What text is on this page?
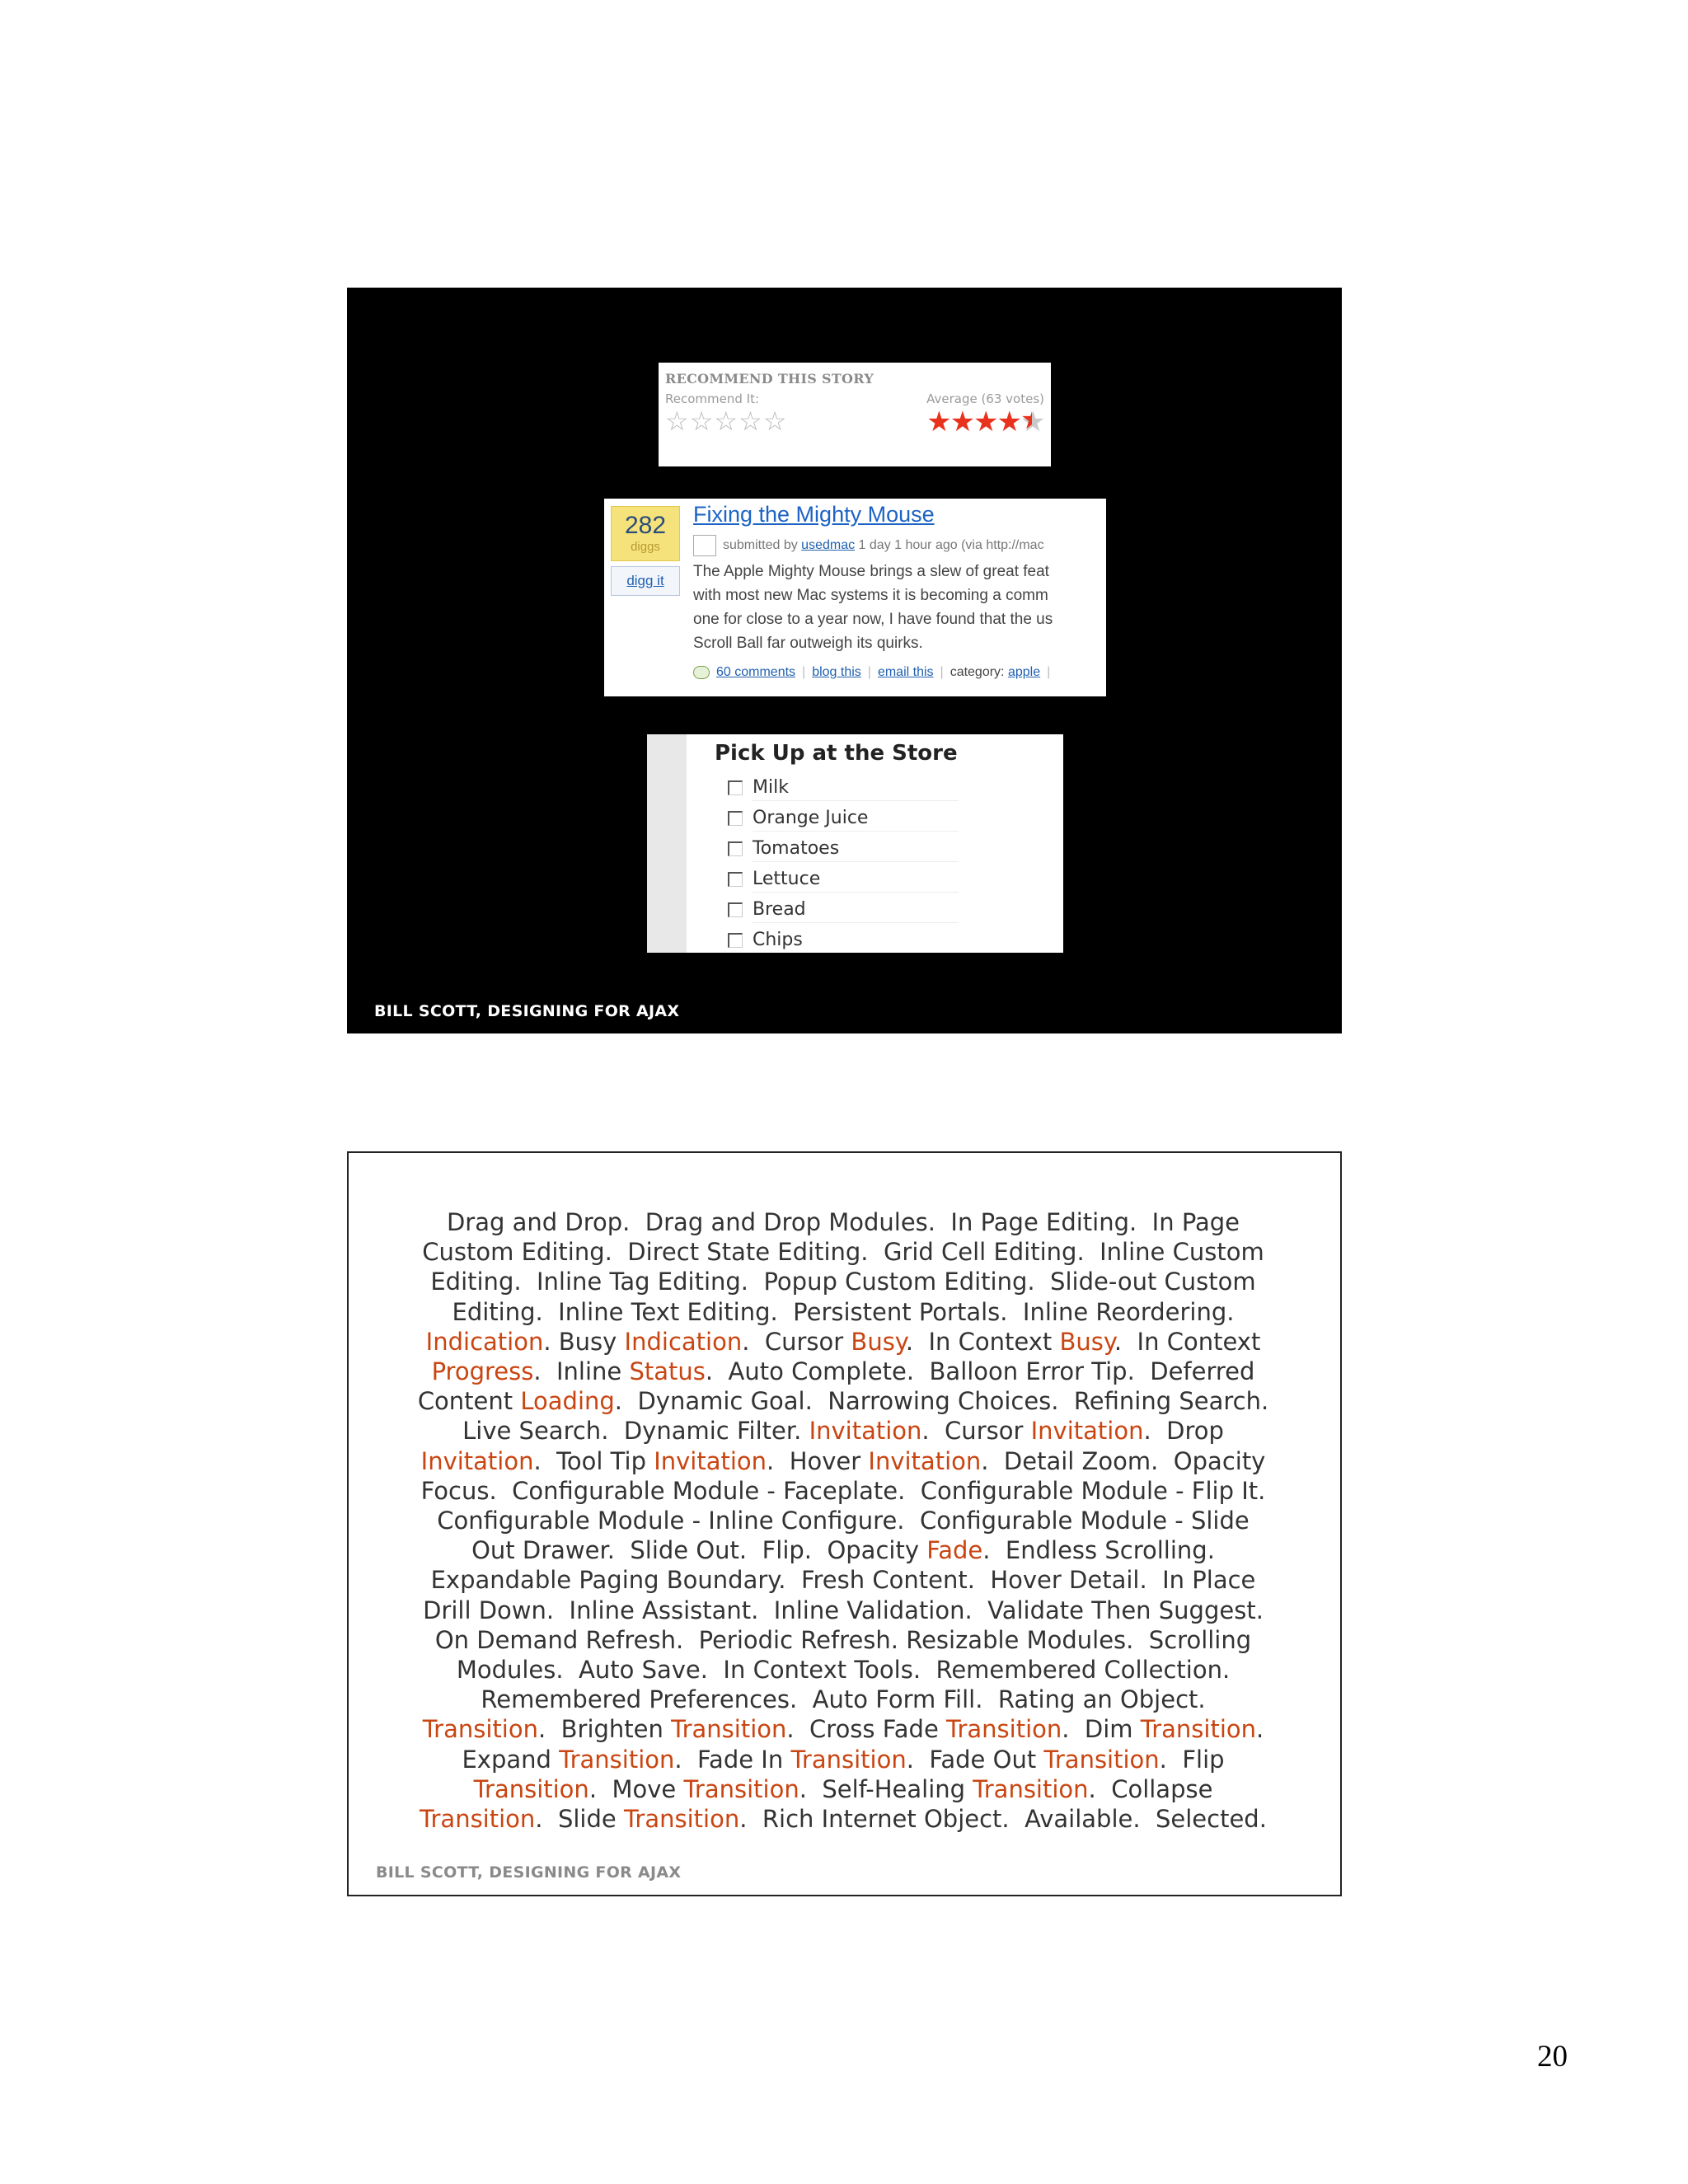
RECOMMEND THIS STORY
Recommend It:
☆☆☆☆☆
Average (63 votes)
★★★★★ ★
282
diggs
digg it
Fixing the Mighty Mouse
submitted by usedmac 1 day 1 hour ago (via http://mac
The Apple Mighty Mouse brings a slew of great feat
with most new Mac systems it is becoming a comm
one for close to a year now, I have found that the us
Scroll Ball far outweigh its quirks.
60 comments | blog this | email this | category: apple |
Pick Up at the Store
Milk
Orange Juice
Tomatoes
Lettuce
Bread
Chips
BILL SCOTT, DESIGNING FOR AJAX
Drag and Drop.  Drag and Drop Modules.  In Page Editing.  In Page
Custom Editing.  Direct State Editing.  Grid Cell Editing.  Inline Custom
Editing.  Inline Tag Editing.  Popup Custom Editing.  Slide-out Custom
Editing.  Inline Text Editing.  Persistent Portals.  Inline Reordering.
Indication. Busy Indication.  Cursor Busy.  In Context Busy.  In Context
Progress.  Inline Status.  Auto Complete.  Balloon Error Tip.  Deferred
Content Loading.  Dynamic Goal.  Narrowing Choices.  Refining Search.
Live Search.  Dynamic Filter. Invitation.  Cursor Invitation.  Drop
Invitation.  Tool Tip Invitation.  Hover Invitation.  Detail Zoom.  Opacity
Focus.  Configurable Module - Faceplate.  Configurable Module - Flip It.
Configurable Module - Inline Configure.  Configurable Module - Slide
Out Drawer.  Slide Out.  Flip.  Opacity Fade.  Endless Scrolling.
Expandable Paging Boundary.  Fresh Content.  Hover Detail.  In Place
Drill Down.  Inline Assistant.  Inline Validation.  Validate Then Suggest.
On Demand Refresh.  Periodic Refresh. Resizable Modules.  Scrolling
Modules.  Auto Save.  In Context Tools.  Remembered Collection.
Remembered Preferences.  Auto Form Fill.  Rating an Object.
Transition.  Brighten Transition.  Cross Fade Transition.  Dim Transition.
Expand Transition.  Fade In Transition.  Fade Out Transition.  Flip
Transition.  Move Transition.  Self-Healing Transition.  Collapse
Transition.  Slide Transition.  Rich Internet Object.  Available.  Selected.
BILL SCOTT, DESIGNING FOR AJAX
20
